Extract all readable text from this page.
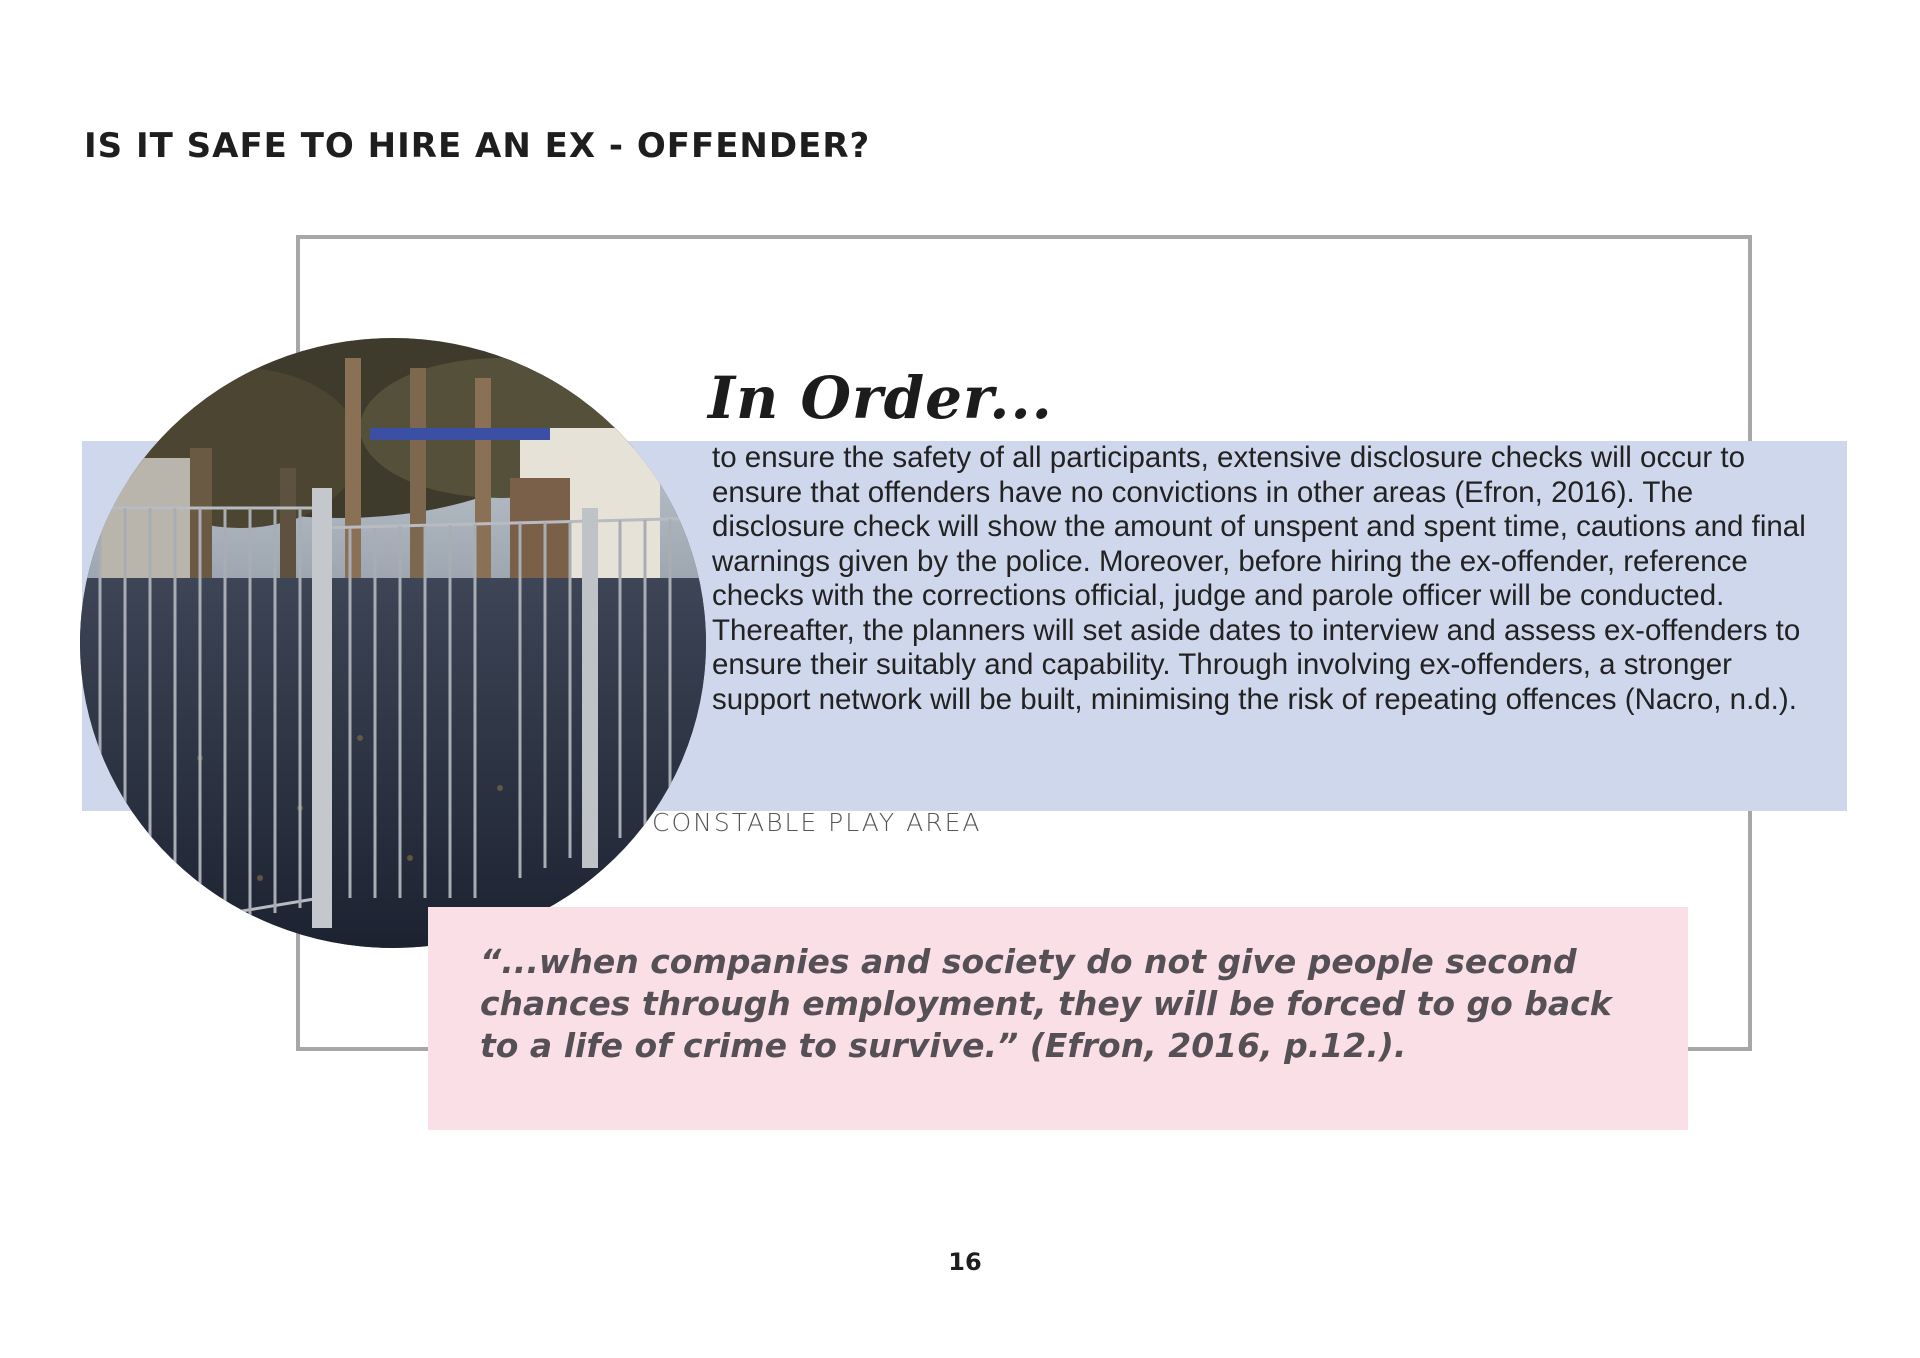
IS IT SAFE TO HIRE AN EX - OFFENDER?
In Order...

to ensure the safety of all participants, extensive disclosure checks will occur to ensure that offenders have no convictions in other areas (Efron, 2016). The disclosure check will show the amount of unspent and spent time, cautions and final warnings given by the police. Moreover, before hiring the ex-offender, reference checks with the corrections official, judge and parole officer will be conducted. Thereafter, the planners will set aside dates to interview and assess ex-offenders to ensure their suitably and capability. Through involving ex-offenders, a stronger support network will be built, minimising the risk of repeating offences (Nacro, n.d.).

CONSTABLE PLAY AREA

“...when companies and society do not give people second chances through employment, they will be forced to go back to a life of crime to survive.” (Efron, 2016, p.12.).

16
